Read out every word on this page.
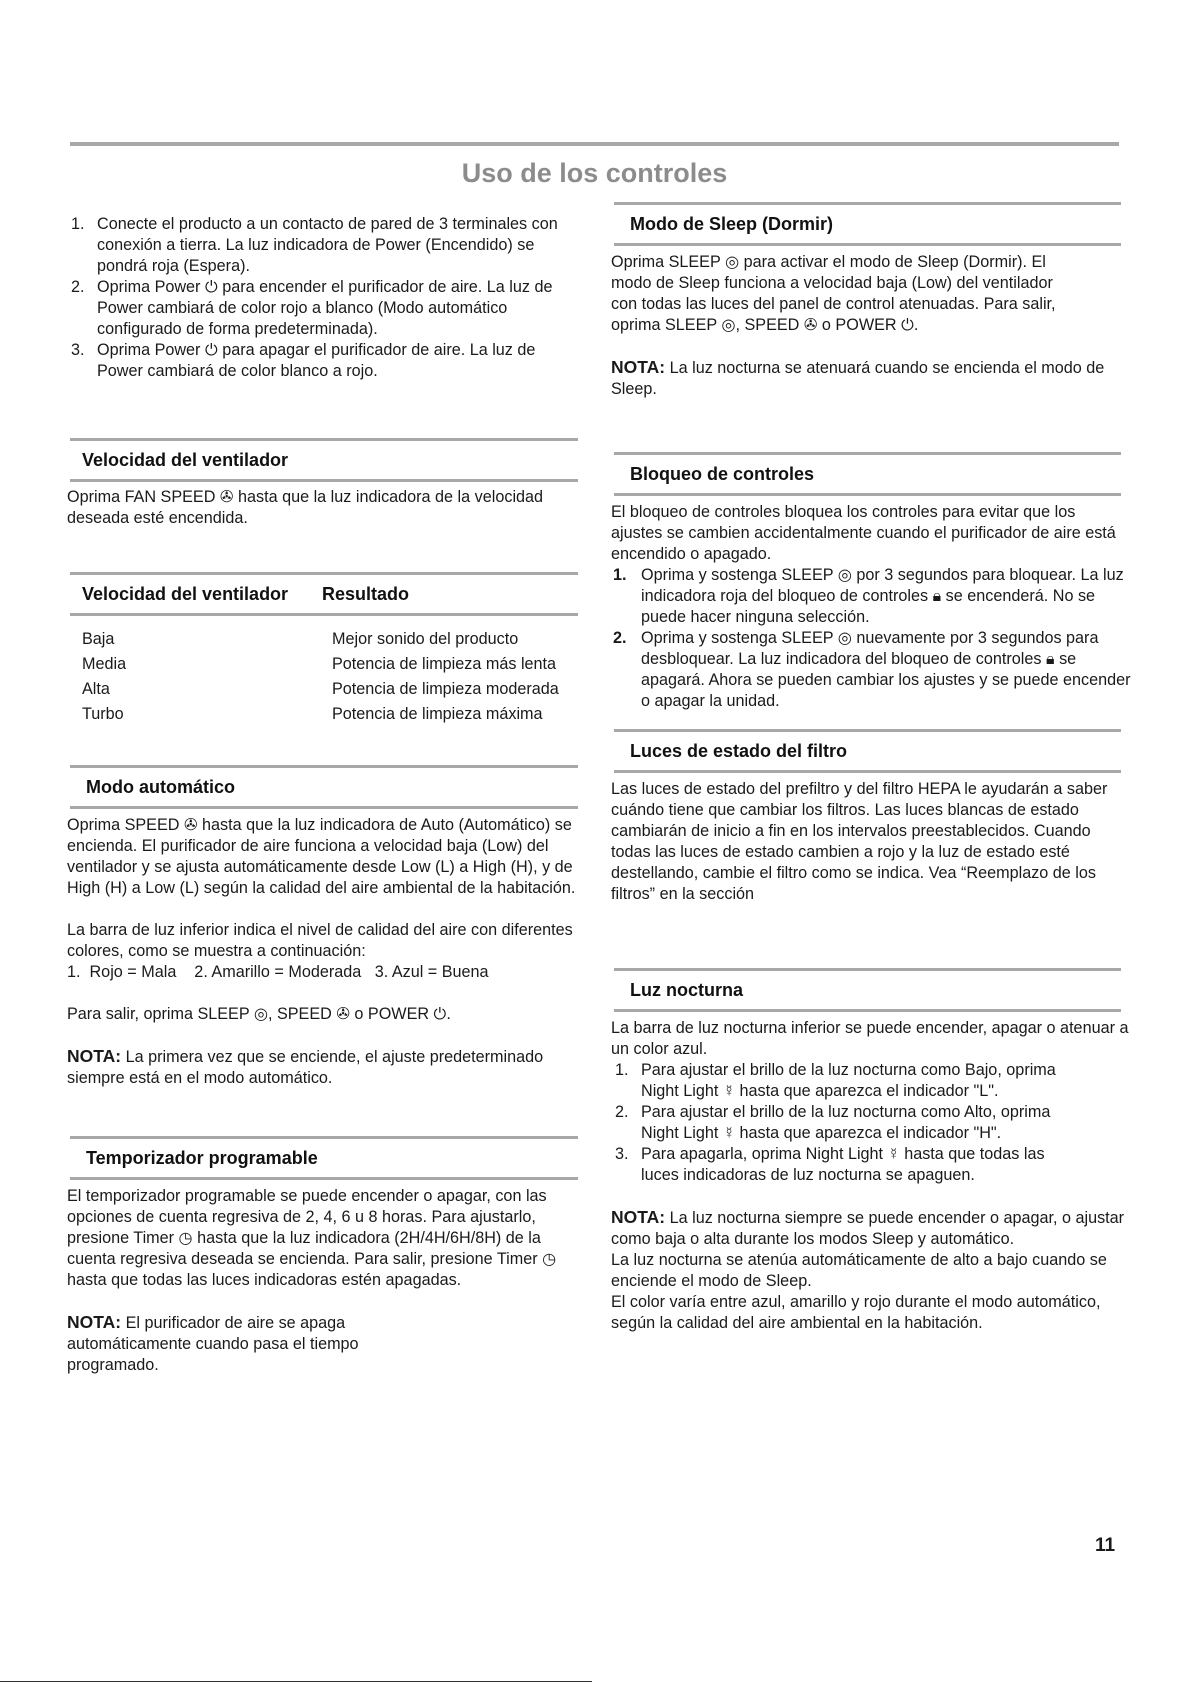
Uso de los controles
1. Conecte el producto a un contacto de pared de 3 terminales con conexión a tierra. La luz indicadora de Power (Encendido) se pondrá roja (Espera).
2. Oprima Power ⏻ para encender el purificador de aire. La luz de Power cambiará de color rojo a blanco (Modo automático configurado de forma predeterminada).
3. Oprima Power ⏻ para apagar el purificador de aire. La luz de Power cambiará de color blanco a rojo.
Velocidad del ventilador

Oprima FAN SPEED ✇ hasta que la luz indicadora de la velocidad deseada esté encendida.

Velocidad del ventilador	Resultado
Baja	Mejor sonido del producto
Media	Potencia de limpieza más lenta
Alta	Potencia de limpieza moderada
Turbo	Potencia de limpieza máxima
Modo automático

Oprima SPEED ✇ hasta que la luz indicadora de Auto (Automático) se encienda. El purificador de aire funciona a velocidad baja (Low) del ventilador y se ajusta automáticamente desde Low (L) a High (H), y de High (H) a Low (L) según la calidad del aire ambiental de la habitación.

La barra de luz inferior indica el nivel de calidad del aire con diferentes colores, como se muestra a continuación:

1.  Rojo = Mala    2. Amarillo = Moderada   3. Azul = Buena

Para salir, oprima SLEEP ◎, SPEED ✇ o POWER ⏻.

NOTA: La primera vez que se enciende, el ajuste predeterminado siempre está en el modo automático.

Temporizador programable

El temporizador programable se puede encender o apagar, con las opciones de cuenta regresiva de 2, 4, 6 u 8 horas. Para ajustarlo, presione Timer ◷ hasta que la luz indicadora (2H/4H/6H/8H) de la cuenta regresiva deseada se encienda. Para salir, presione Timer ◷ hasta que todas las luces indicadoras estén apagadas.

NOTA: El purificador de aire se apaga automáticamente cuando pasa el tiempo programado.

Modo de Sleep (Dormir)

Oprima SLEEP ◎ para activar el modo de Sleep (Dormir). El modo de Sleep funciona a velocidad baja (Low) del ventilador con todas las luces del panel de control atenuadas. Para salir, oprima SLEEP ◎, SPEED ✇ o POWER ⏻.

NOTA: La luz nocturna se atenuará cuando se encienda el modo de Sleep.

Bloqueo de controles

El bloqueo de controles bloquea los controles para evitar que los ajustes se cambien accidentalmente cuando el purificador de aire está encendido o apagado.

1. Oprima y sostenga SLEEP ◎ por 3 segundos para bloquear. La luz indicadora roja del bloqueo de controles 🔒︎ se encenderá. No se puede hacer ninguna selección.
2. Oprima y sostenga SLEEP ◎ nuevamente por 3 segundos para desbloquear. La luz indicadora del bloqueo de controles 🔒︎ se apagará. Ahora se pueden cambiar los ajustes y se puede encender o apagar la unidad.
Luces de estado del filtro

Las luces de estado del prefiltro y del filtro HEPA le ayudarán a saber cuándo tiene que cambiar los filtros. Las luces blancas de estado cambiarán de inicio a fin en los intervalos preestablecidos. Cuando todas las luces de estado cambien a rojo y la luz de estado esté destellando, cambie el filtro como se indica. Vea “Reemplazo de los filtros” en la sección

Luz nocturna

La barra de luz nocturna inferior se puede encender, apagar o atenuar a un color azul.

1. Para ajustar el brillo de la luz nocturna como Bajo, oprima Night Light ☿ hasta que aparezca el indicador "L".
2. Para ajustar el brillo de la luz nocturna como Alto, oprima Night Light ☿ hasta que aparezca el indicador "H".
3. Para apagarla, oprima Night Light ☿ hasta que todas las luces indicadoras de luz nocturna se apaguen.

NOTA: La luz nocturna siempre se puede encender o apagar, o ajustar como baja o alta durante los modos Sleep y automático.

La luz nocturna se atenúa automáticamente de alto a bajo cuando se enciende el modo de Sleep.

El color varía entre azul, amarillo y rojo durante el modo automático, según la calidad del aire ambiental en la habitación.

11
